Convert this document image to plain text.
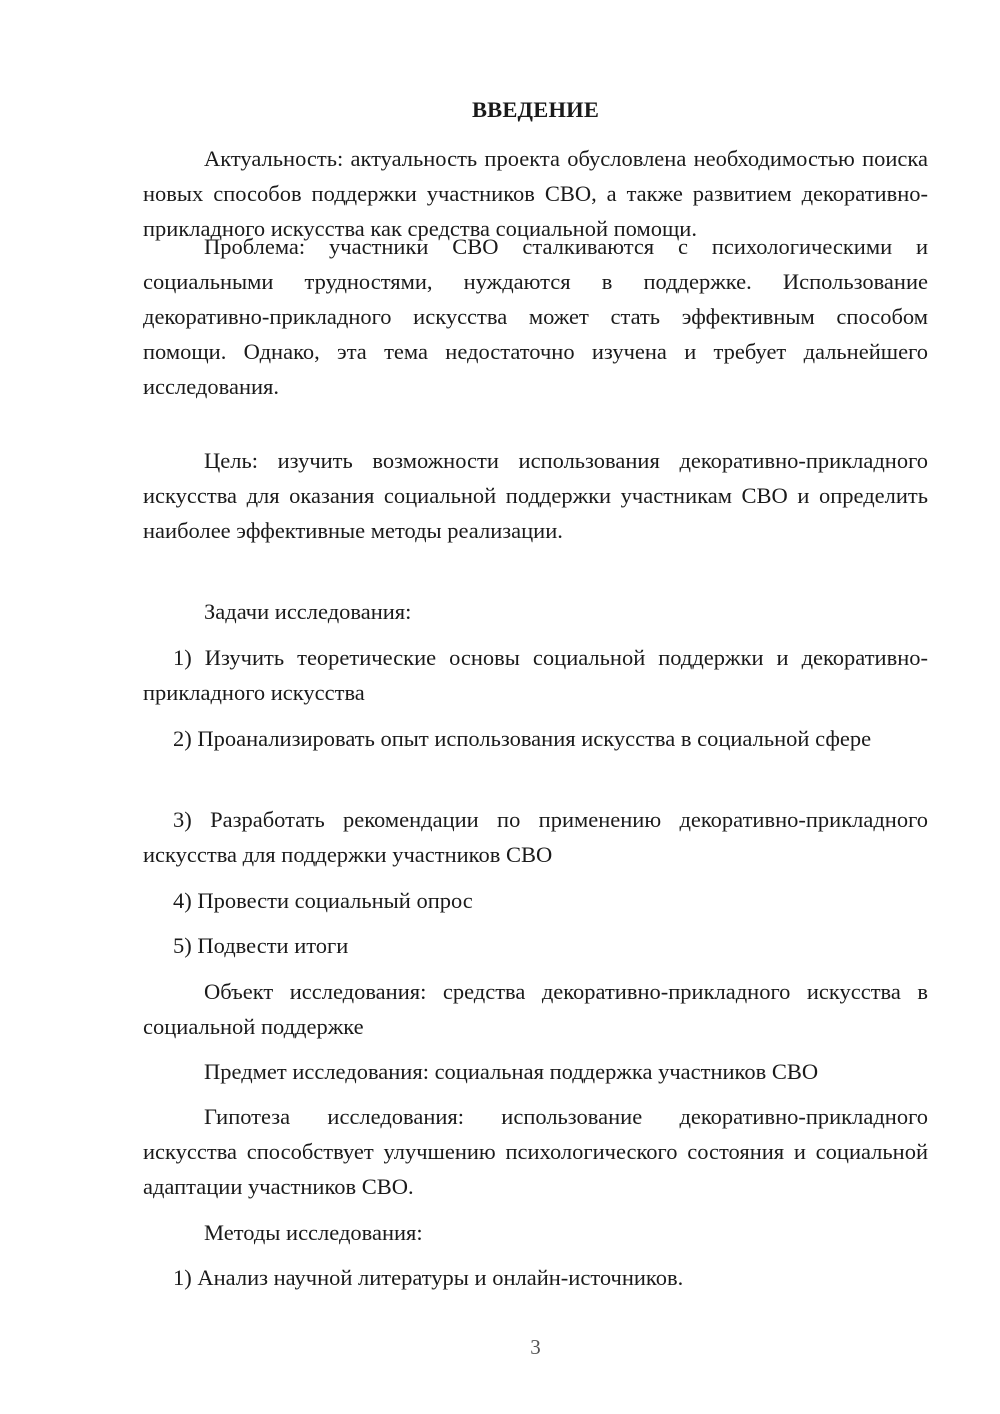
ВВЕДЕНИЕ

Актуальность: актуальность проекта обусловлена необходимостью поиска новых способов поддержки участников СВО, а также развитием декоративно-прикладного искусства как средства социальной помощи.

Проблема: участники СВО сталкиваются с психологическими и социальными трудностями, нуждаются в поддержке. Использование декоративно-прикладного искусства может стать эффективным способом помощи. Однако, эта тема недостаточно изучена и требует дальнейшего исследования.

Цель: изучить возможности использования декоративно-прикладного искусства для оказания социальной поддержки участникам СВО и определить наиболее эффективные методы реализации.

Задачи исследования:

1) Изучить теоретические основы социальной поддержки и декоративно-прикладного искусства

2) Проанализировать опыт использования искусства в социальной сфере

3) Разработать рекомендации по применению декоративно-прикладного искусства для поддержки участников СВО

4) Провести социальный опрос

5) Подвести итоги

Объект исследования: средства декоративно-прикладного искусства в социальной поддержке

Предмет исследования: социальная поддержка участников СВО

Гипотеза исследования: использование декоративно-прикладного искусства способствует улучшению психологического состояния и социальной адаптации участников СВО.

Методы исследования:

1) Анализ научной литературы и онлайн-источников.

3
